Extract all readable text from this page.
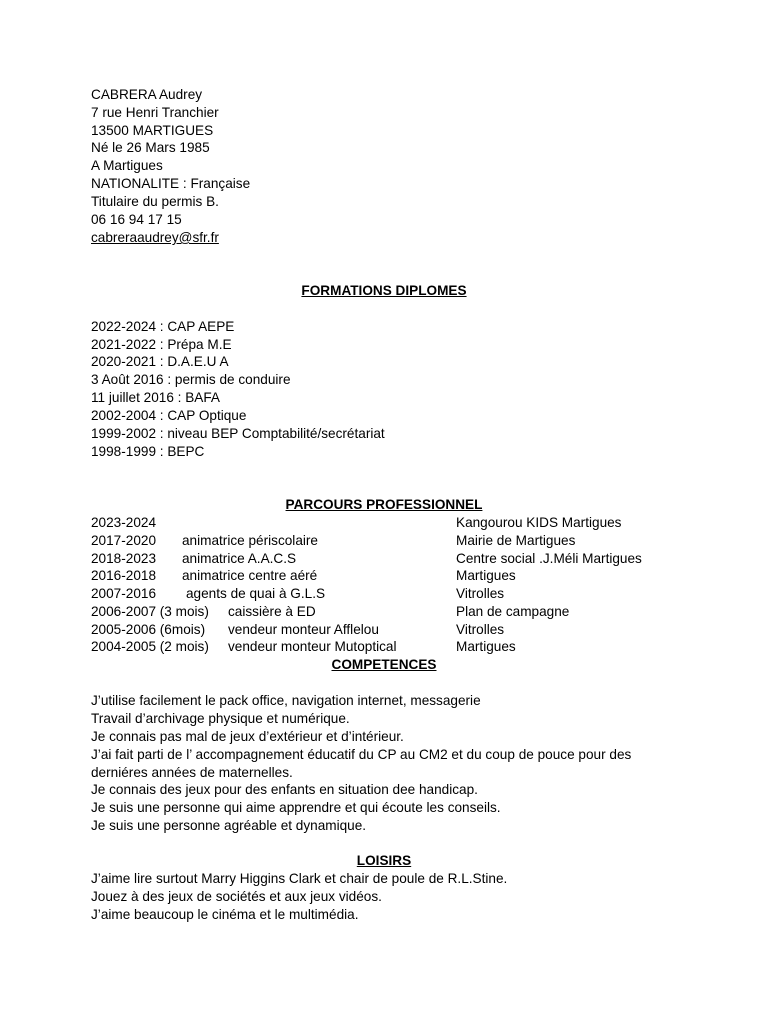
CABRERA Audrey
7 rue Henri Tranchier
13500 MARTIGUES
Né le 26 Mars 1985
A Martigues
NATIONALITE : Française
Titulaire du permis B.
06 16 94 17 15
cabreraaudrey@sfr.fr
FORMATIONS DIPLOMES
2022-2024 : CAP AEPE
2021-2022 : Prépa M.E
2020-2021 : D.A.E.U A
3 Août 2016 : permis de conduire
11 juillet 2016 : BAFA
2002-2004 : CAP Optique
1999-2002 : niveau BEP Comptabilité/secrétariat
1998-1999 : BEPC
PARCOURS PROFESSIONNEL
2023-2024	Kangourou KIDS Martigues
2017-2020 animatrice périscolaire	Mairie de Martigues
2018-2023 animatrice A.A.C.S	Centre social .J.Méli Martigues
2016-2018 animatrice centre aéré	Martigues
2007-2016 agents de quai à G.L.S	Vitrolles
2006-2007 (3 mois) caissière à ED	Plan de campagne
2005-2006 (6mois) vendeur monteur Afflelou	Vitrolles
2004-2005 (2 mois) vendeur monteur Mutoptical	Martigues
COMPETENCES
J’utilise facilement le pack office, navigation internet, messagerie
Travail d’archivage physique et numérique.
Je connais pas mal de jeux d’extérieur et d’intérieur.
J’ai fait parti de l’ accompagnement éducatif du CP au CM2 et du coup de pouce pour des
derniéres années de maternelles.
Je connais des jeux pour des enfants en situation dee handicap.
Je suis une personne qui aime apprendre et qui écoute les conseils.
Je suis une personne agréable et dynamique.
LOISIRS
J’aime lire surtout Marry Higgins Clark et chair de poule de R.L.Stine.
Jouez à des jeux de sociétés et aux jeux vidéos.
J’aime beaucoup le cinéma et le multimédia.
